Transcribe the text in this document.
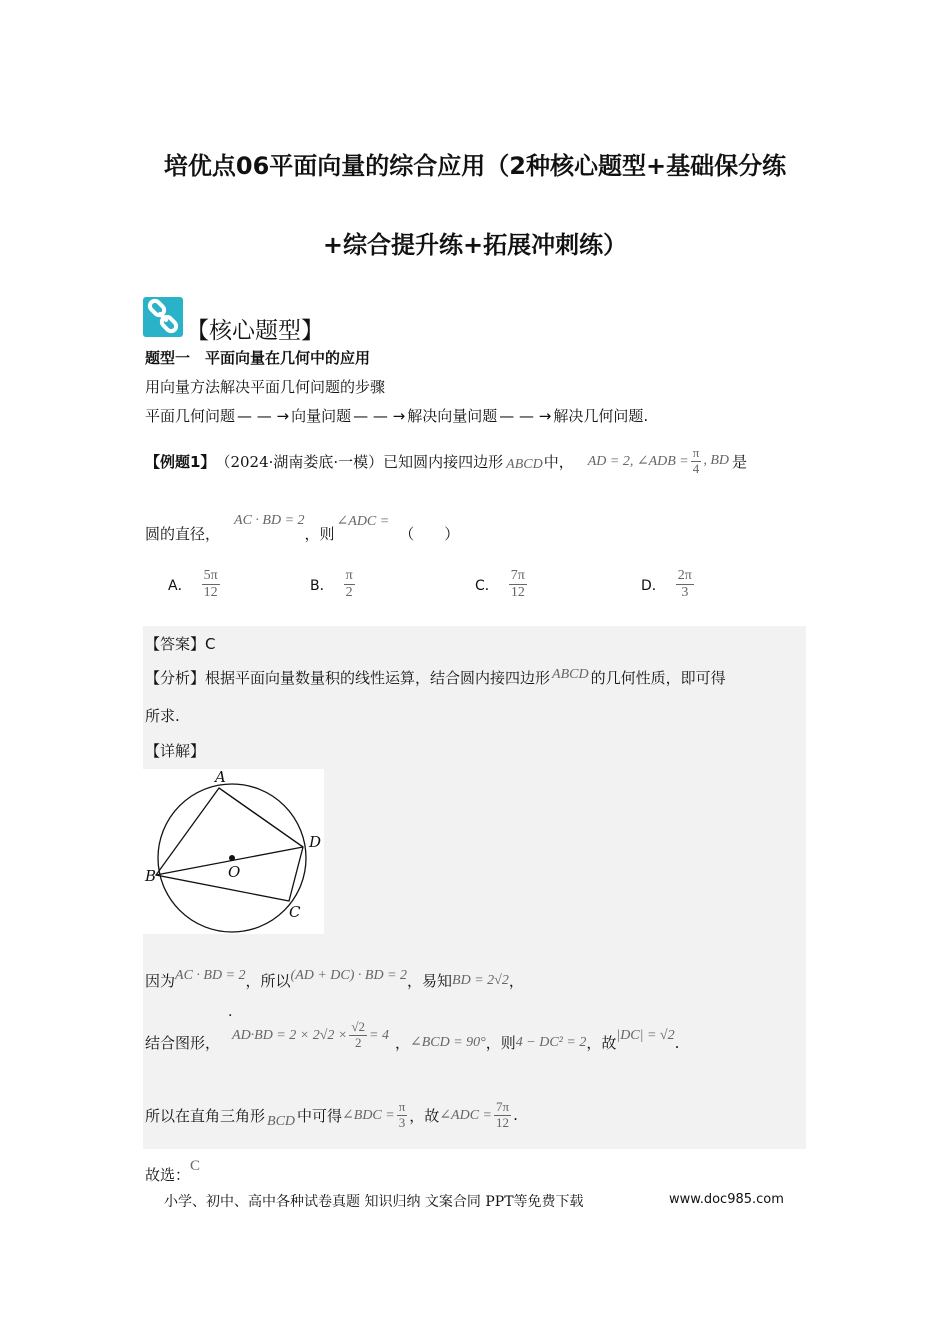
培优点06平面向量的综合应用（2种核心题型+基础保分练
+综合提升练+拓展冲刺练）
【核心题型】
题型一　平面向量在几何中的应用
用向量方法解决平面几何问题的步骤
平面几何问题 — — → 向量问题 — — → 解决向量问题 — — → 解决几何问题 .
【例题1】 （2024·湖南娄底·一模）已知圆内接四边形 ABCD 中， AD = 2, ∠ADB = $\frac{\pi}{4}$ , BD 是
圆的直径，
AC · BD = 2
，则
∠ADC =
（　　）
A． $\frac{5\pi}{12}$	B． $\frac{\pi}{2}$	C． $\frac{7\pi}{12}$	D． $\frac{2\pi}{3}$
【答案】C
【分析】 根据平面向量数量积的线性运算，结合圆内接四边形 ABCD 的几何性质，即可得
所求.
【详解】
A
B
C
D
O
因为 AC · BD = 2 ，所以 (AD + DC) · BD = 2 ，易知 BD = 2√2 ，
.
结合图形， $AD\cdot BD = 2 \times 2√2 \times \frac{√2}{2} = 4$ ， ∠BCD = 90° ，则 4 − DC² = 2 ，故 |DC| = √2 .
所以在直角三角形 BCD 中可得 ∠BDC = $\frac{\pi}{3}$ ，故 ∠ADC = $\frac{7\pi}{12}$ .
故选： C
小学、初中、高中各种试卷真题 知识归纳 文案合同 PPT等免费下载	www.doc985.com
